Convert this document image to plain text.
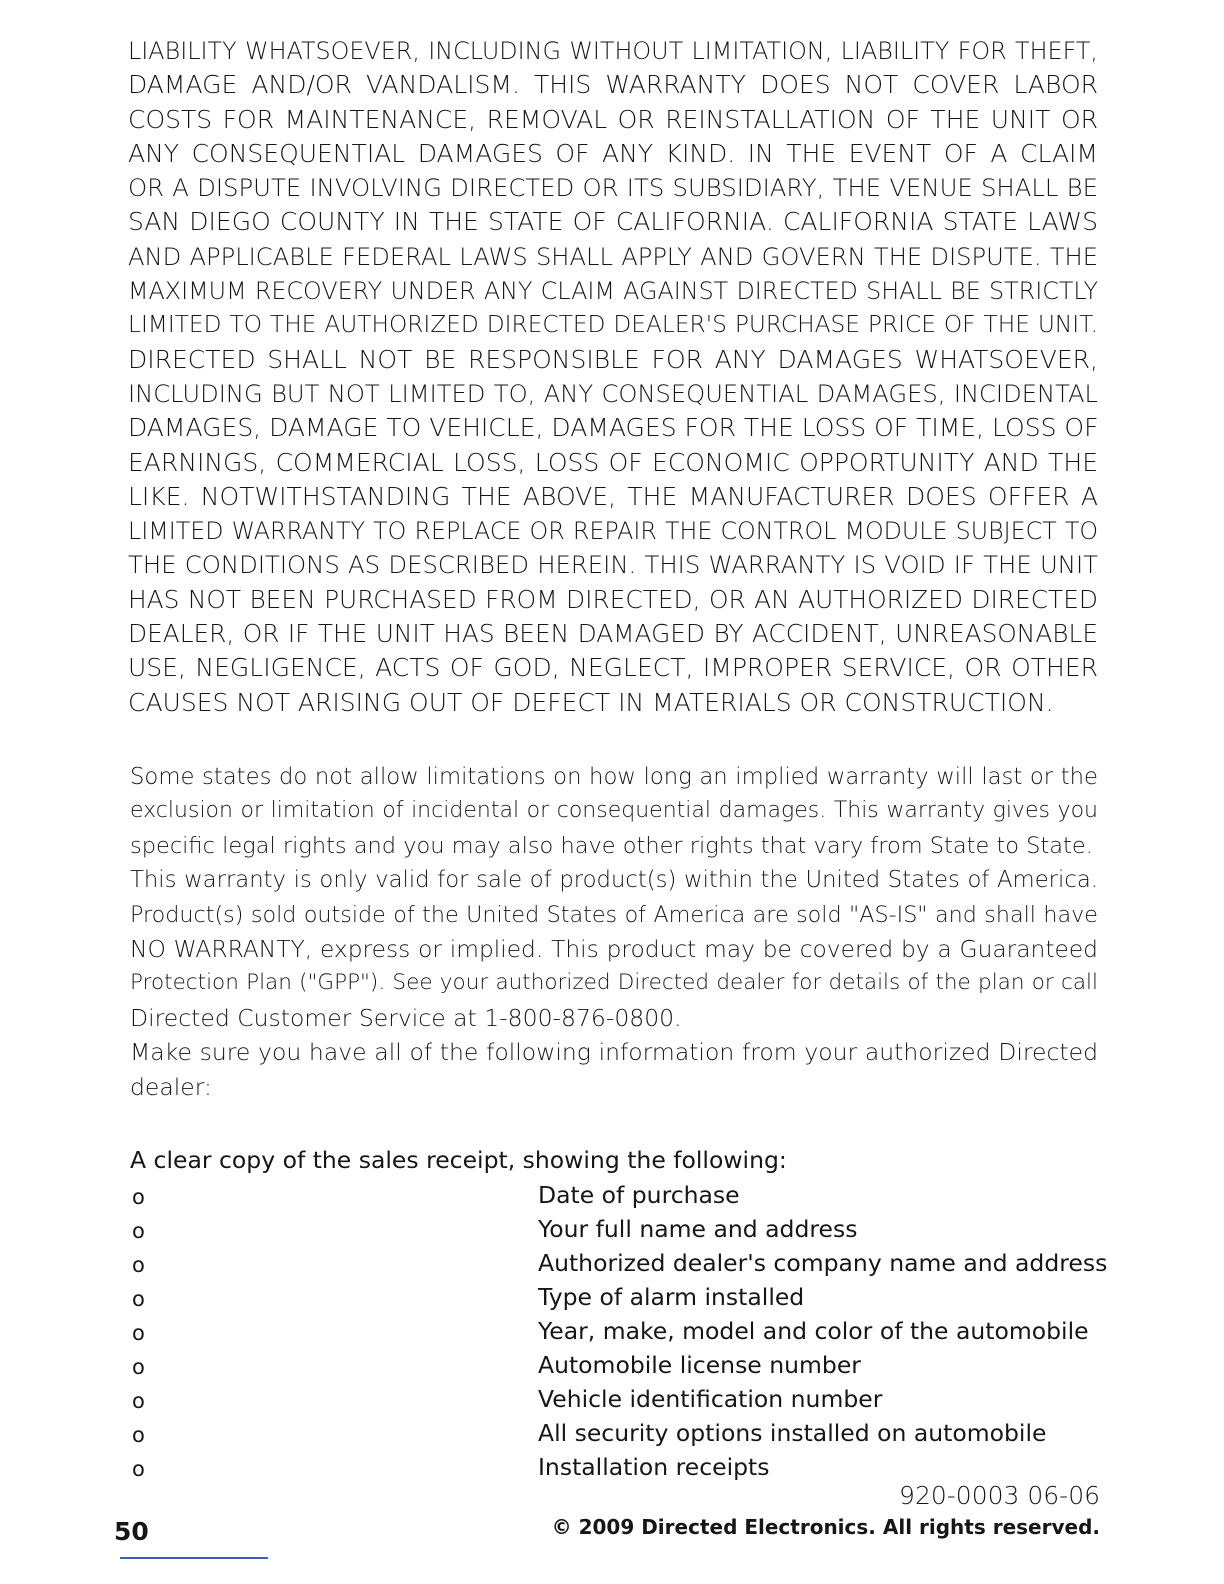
LIABILITY WHATSOEVER, INCLUDING WITHOUT LIMITATION, LIABILITY FOR THEFT,
DAMAGE AND/OR VANDALISM. THIS WARRANTY DOES NOT COVER LABOR
COSTS FOR MAINTENANCE, REMOVAL OR REINSTALLATION OF THE UNIT OR
ANY CONSEQUENTIAL DAMAGES OF ANY KIND. IN THE EVENT OF A CLAIM
OR A DISPUTE INVOLVING DIRECTED OR ITS SUBSIDIARY, THE VENUE SHALL BE
SAN DIEGO COUNTY IN THE STATE OF CALIFORNIA. CALIFORNIA STATE LAWS
AND APPLICABLE FEDERAL LAWS SHALL APPLY AND GOVERN THE DISPUTE. THE
MAXIMUM RECOVERY UNDER ANY CLAIM AGAINST DIRECTED SHALL BE STRICTLY
LIMITED TO THE AUTHORIZED DIRECTED DEALER'S PURCHASE PRICE OF THE UNIT.
DIRECTED SHALL NOT BE RESPONSIBLE FOR ANY DAMAGES WHATSOEVER,
INCLUDING BUT NOT LIMITED TO, ANY CONSEQUENTIAL DAMAGES, INCIDENTAL
DAMAGES, DAMAGE TO VEHICLE, DAMAGES FOR THE LOSS OF TIME, LOSS OF
EARNINGS, COMMERCIAL LOSS, LOSS OF ECONOMIC OPPORTUNITY AND THE
LIKE. NOTWITHSTANDING THE ABOVE, THE MANUFACTURER DOES OFFER A
LIMITED WARRANTY TO REPLACE OR REPAIR THE CONTROL MODULE SUBJECT TO
THE CONDITIONS AS DESCRIBED HEREIN. THIS WARRANTY IS VOID IF THE UNIT
HAS NOT BEEN PURCHASED FROM DIRECTED, OR AN AUTHORIZED DIRECTED
DEALER, OR IF THE UNIT HAS BEEN DAMAGED BY ACCIDENT, UNREASONABLE
USE, NEGLIGENCE, ACTS OF GOD, NEGLECT, IMPROPER SERVICE, OR OTHER
CAUSES NOT ARISING OUT OF DEFECT IN MATERIALS OR CONSTRUCTION.
Some states do not allow limitations on how long an implied warranty will last or the
exclusion or limitation of incidental or consequential damages. This warranty gives you
specific legal rights and you may also have other rights that vary from State to State.
This warranty is only valid for sale of product(s) within the United States of America.
Product(s) sold outside of the United States of America are sold "AS-IS" and shall have
NO WARRANTY, express or implied. This product may be covered by a Guaranteed
Protection Plan ("GPP"). See your authorized Directed dealer for details of the plan or call
Directed Customer Service at 1-800-876-0800.
Make sure you have all of the following information from your authorized Directed
dealer:
A clear copy of the sales receipt, showing the following:
o	Date of purchase
o	Your full name and address
o	Authorized dealer's company name and address
o	Type of alarm installed
o	Year, make, model and color of the automobile
o	Automobile license number
o	Vehicle identification number
o	All security options installed on automobile
o	Installation receipts
920-0003 06-06
50	© 2009 Directed Electronics. All rights reserved.
